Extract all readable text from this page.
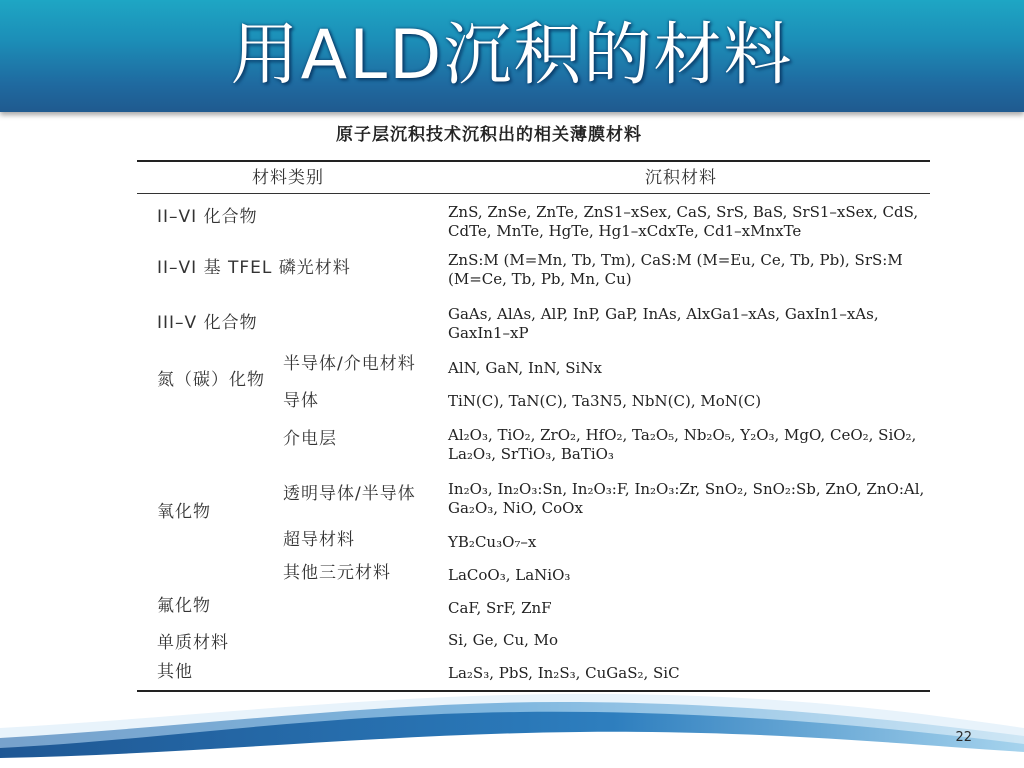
用ALD沉积的材料
原子层沉积技术沉积出的相关薄膜材料
材料类别	沉积材料
II–VI 化合物	ZnS, ZnSe, ZnTe, ZnS1–xSex, CaS, SrS, BaS, SrS1–xSex, CdS, CdTe, MnTe, HgTe, Hg1–xCdxTe, Cd1–xMnxTe
II–VI 基 TFEL 磷光材料	ZnS:M (M=Mn, Tb, Tm), CaS:M (M=Eu, Ce, Tb, Pb), SrS:M (M=Ce, Tb, Pb, Mn, Cu)
III–V 化合物	GaAs, AlAs, AlP, InP, GaP, InAs, AlxGa1–xAs, GaxIn1–xAs, GaxIn1–xP
氮（碳）化物
半导体/介电材料 AlN, GaN, InN, SiNx
导体	TiN(C), TaN(C), Ta3N5, NbN(C), MoN(C)
介电层	Al₂O₃, TiO₂, ZrO₂, HfO₂, Ta₂O₅, Nb₂O₅, Y₂O₃, MgO, CeO₂, SiO₂, La₂O₃, SrTiO₃, BaTiO₃
氧化物
透明导体/半导体 In₂O₃, In₂O₃:Sn, In₂O₃:F, In₂O₃:Zr, SnO₂, SnO₂:Sb, ZnO, ZnO:Al, Ga₂O₃, NiO, CoOx
超导材料	YB₂Cu₃O₇–x
其他三元材料	LaCoO₃, LaNiO₃
氟化物	CaF, SrF, ZnF
单质材料	Si, Ge, Cu, Mo
其他	La₂S₃, PbS, In₂S₃, CuGaS₂, SiC
22
